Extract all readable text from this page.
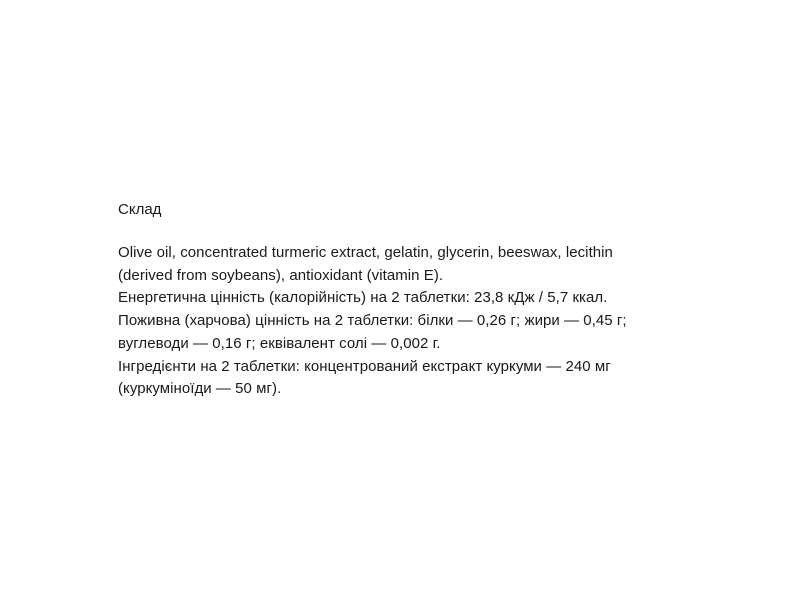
Склад

Olive oil, concentrated turmeric extract, gelatin, glycerin, beeswax, lecithin

(derived from soybeans), antioxidant (vitamin E).

Енергетична цінність (калорійність) на 2 таблетки: 23,8 кДж / 5,7 ккал.

Поживна (харчова) цінність на 2 таблетки: білки — 0,26 г; жири — 0,45 г;

вуглеводи — 0,16 г; еквівалент солі — 0,002 г.

Інгредієнти на 2 таблетки: концентрований екстракт куркуми — 240 мг

(куркуміноїди — 50 мг).
